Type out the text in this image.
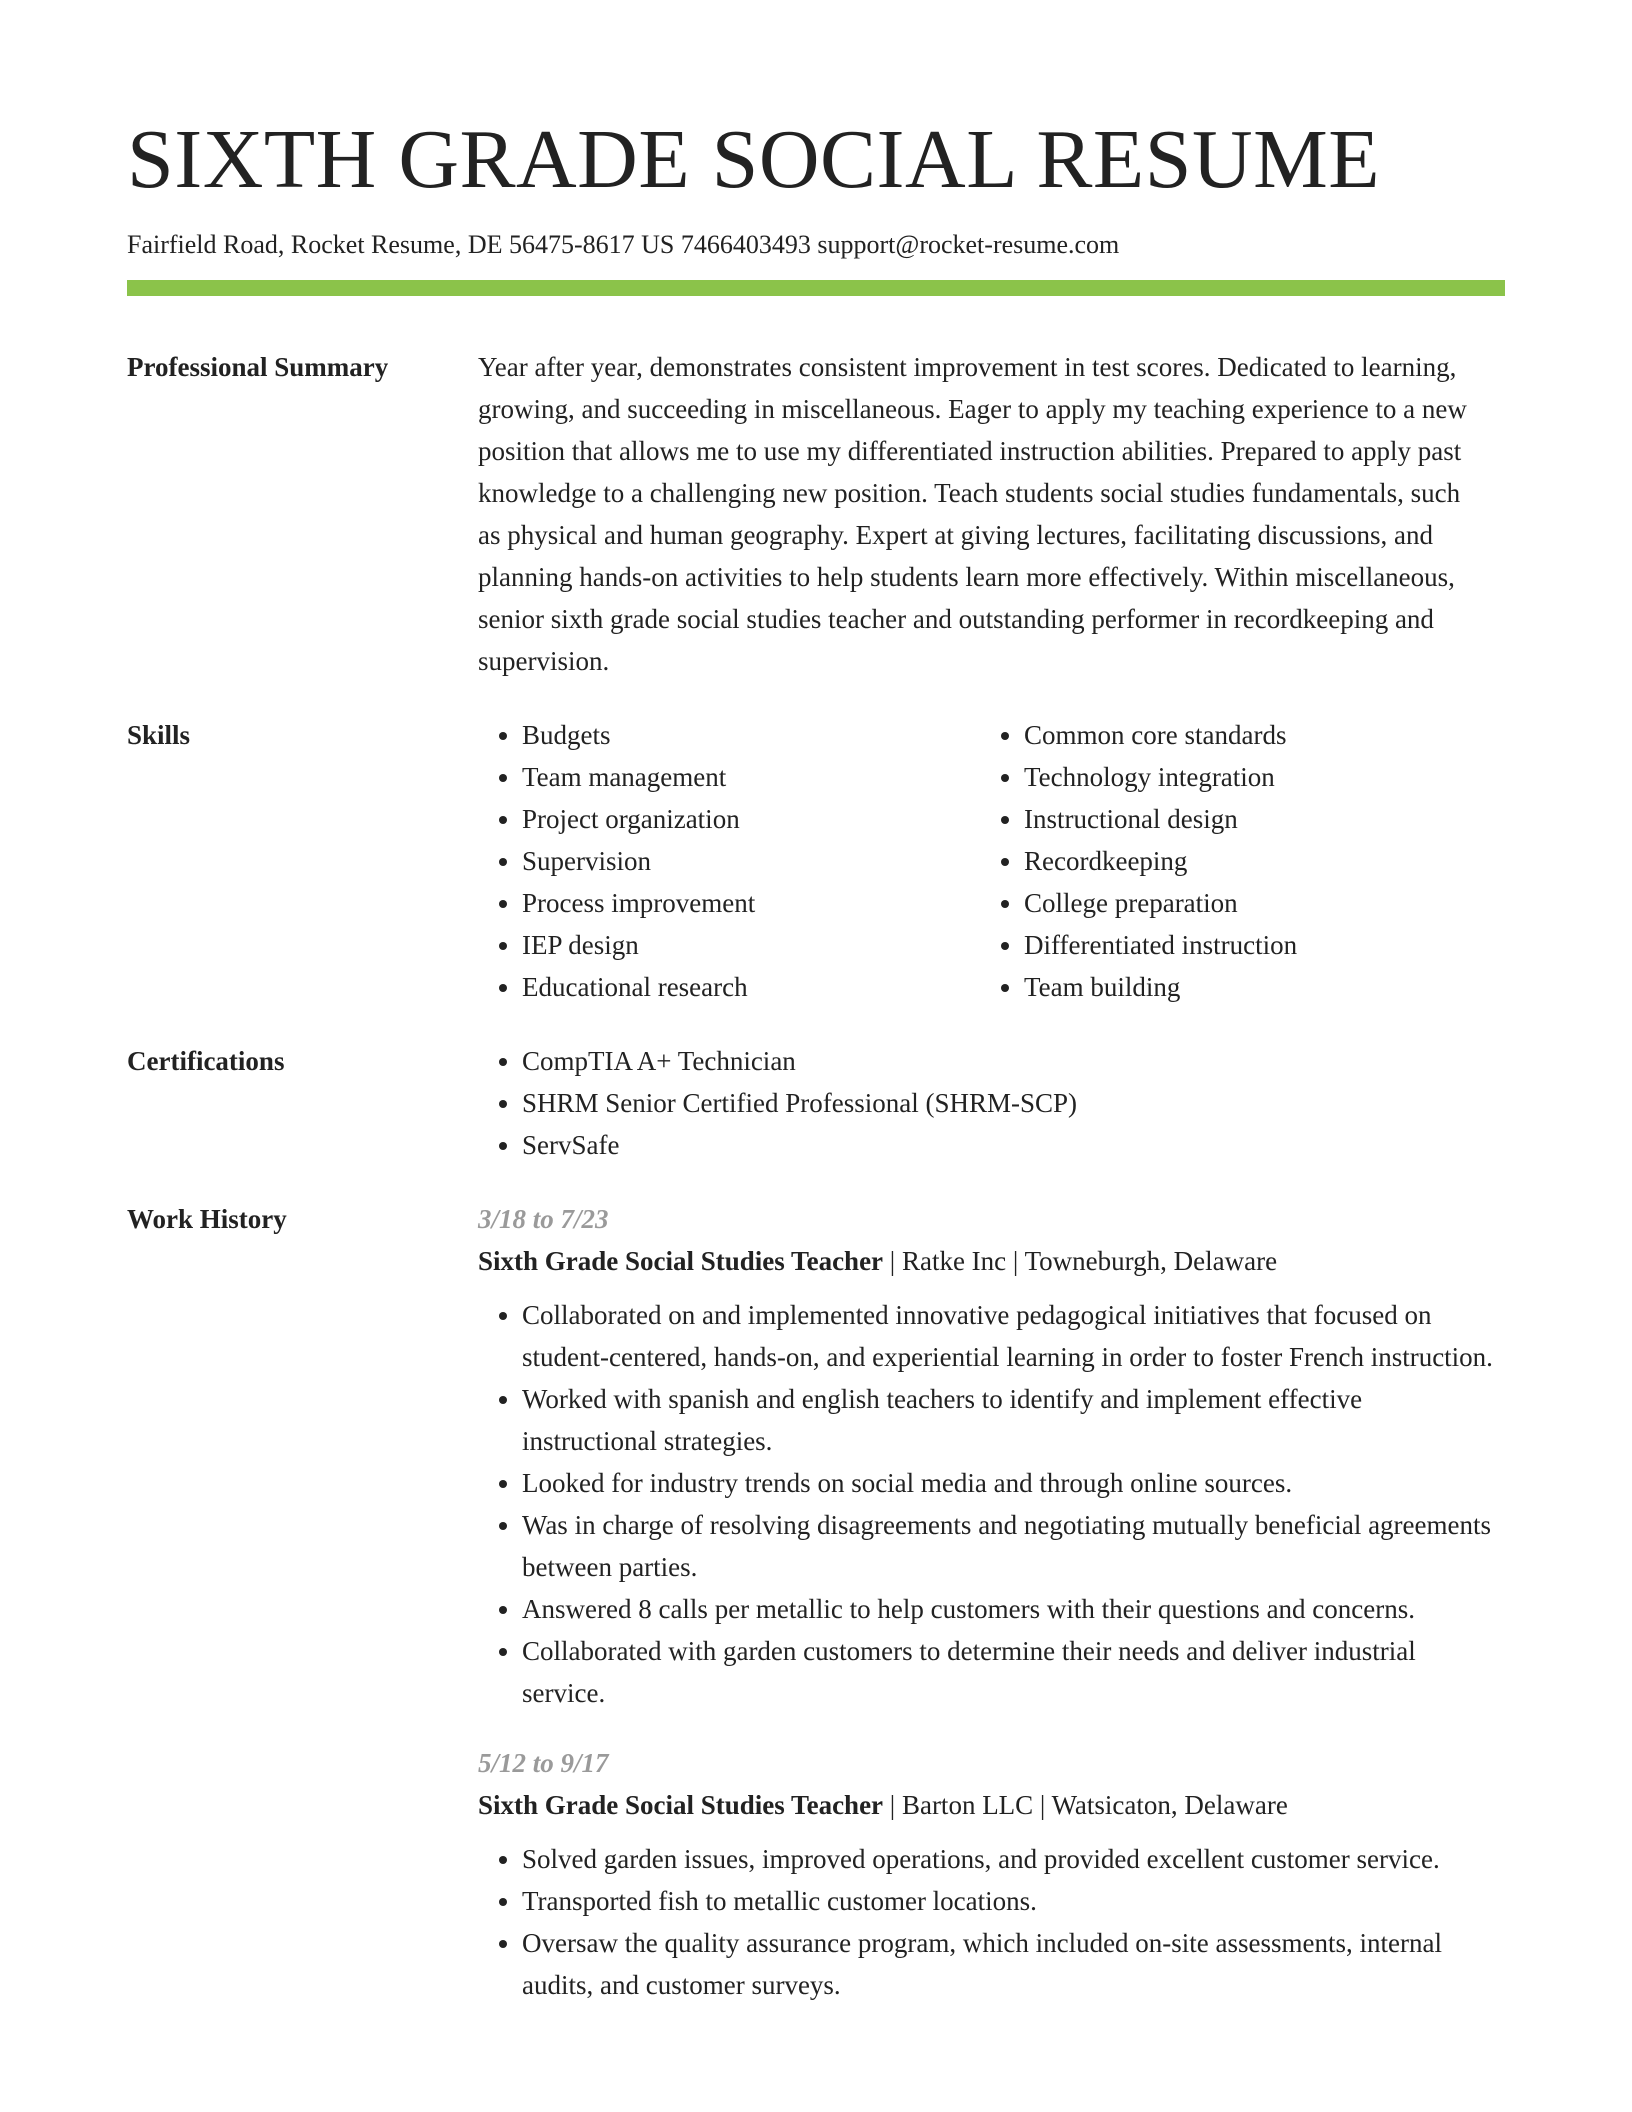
SIXTH GRADE SOCIAL RESUME
Fairfield Road, Rocket Resume, DE 56475-8617 US 7466403493 support@rocket-resume.com
Professional Summary	Year after year, demonstrates consistent improvement in test scores. Dedicated to learning, growing, and succeeding in miscellaneous. Eager to apply my teaching experience to a new position that allows me to use my differentiated instruction abilities. Prepared to apply past knowledge to a challenging new position. Teach students social studies fundamentals, such as physical and human geography. Expert at giving lectures, facilitating discussions, and planning hands-on activities to help students learn more effectively. Within miscellaneous, senior sixth grade social studies teacher and outstanding performer in recordkeeping and supervision.

Skills	• Budgets
• Team management
• Project organization
• Supervision
• Process improvement
• IEP design
• Educational research
• Common core standards
• Technology integration
• Instructional design
• Recordkeeping
• College preparation
• Differentiated instruction
• Team building
Certifications	• CompTIA A+ Technician
• SHRM Senior Certified Professional (SHRM-SCP)
• ServSafe
Work History	3/18 to 7/23
Sixth Grade Social Studies Teacher | Ratke Inc | Towneburgh, Delaware
• Collaborated on and implemented innovative pedagogical initiatives that focused on student-centered, hands-on, and experiential learning in order to foster French instruction.
• Worked with spanish and english teachers to identify and implement effective instructional strategies.
• Looked for industry trends on social media and through online sources.
• Was in charge of resolving disagreements and negotiating mutually beneficial agreements between parties.
• Answered 8 calls per metallic to help customers with their questions and concerns.
• Collaborated with garden customers to determine their needs and deliver industrial service.
5/12 to 9/17
Sixth Grade Social Studies Teacher | Barton LLC | Watsicaton, Delaware
• Solved garden issues, improved operations, and provided excellent customer service.
• Transported fish to metallic customer locations.
• Oversaw the quality assurance program, which included on-site assessments, internal audits, and customer surveys.
